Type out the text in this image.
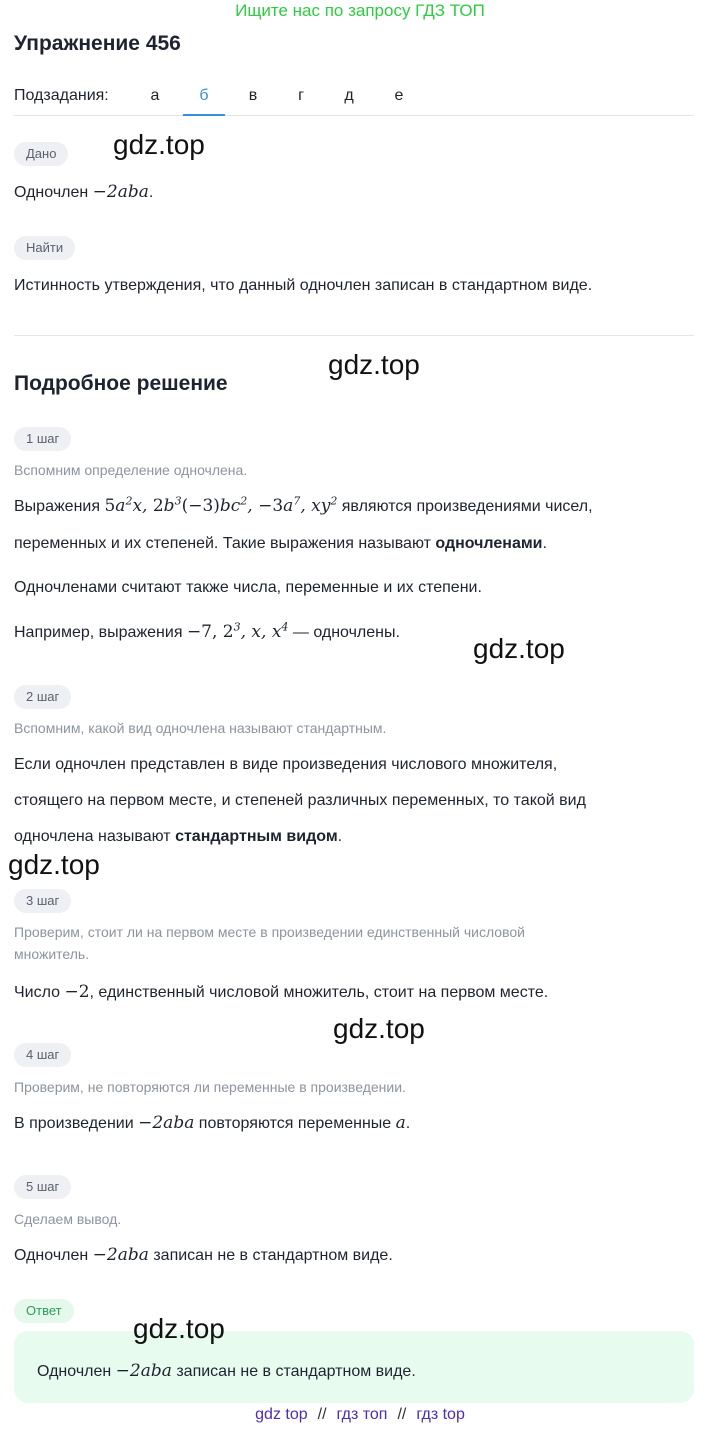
Ищите нас по запросу ГДЗ ТОП
Упражнение 456
Подзадания:	а	б	в	г	д	е
Дано
Одночлен −2aba.
Найти
Истинность утверждения, что данный одночлен записан в стандартном виде.
Подробное решение
1 шаг
Вспомним определение одночлена.
Выражения $5a^2x$, $2b^3(-3)bc^2$, $-3a^7$, $xy^2$ являются произведениями чисел,
переменных и их степеней. Такие выражения называют одночленами.
Одночленами считают также числа, переменные и их степени.
Например, выражения −7, $2^3$, x, $x^4$ — одночлены.
2 шаг
Вспомним, какой вид одночлена называют стандартным.
Если одночлен представлен в виде произведения числового множителя,
стоящего на первом месте, и степеней различных переменных, то такой вид
одночлена называют стандартным видом.
3 шаг
Проверим, стоит ли на первом месте в произведении единственный числовой
множитель.
Число −2, единственный числовой множитель, стоит на первом месте.
4 шаг
Проверим, не повторяются ли переменные в произведении.
В произведении −2aba повторяются переменные a.
5 шаг
Сделаем вывод.
Одночлен −2aba записан не в стандартном виде.
Ответ
Одночлен −2aba записан не в стандартном виде.
gdz.top
gdz.top
gdz.top
gdz.top
gdz.top
gdz.top
gdz top // гдз топ // гдз top
